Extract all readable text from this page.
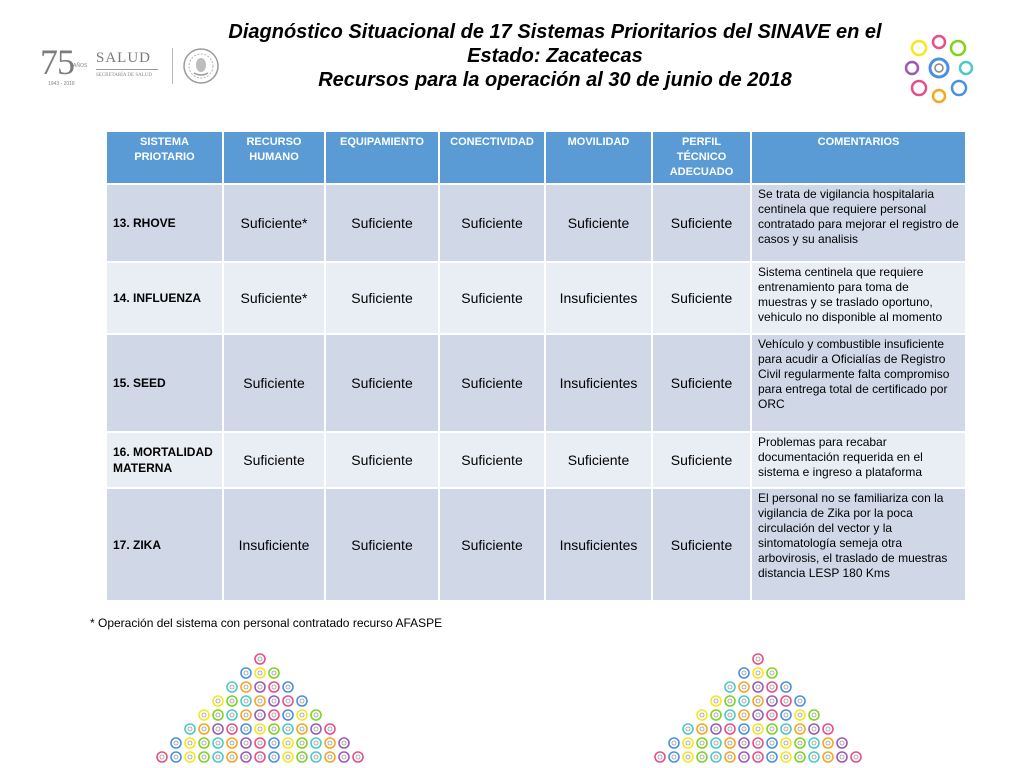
75 AÑOS
1943 - 2018
SALUD
SECRETARÍA DE SALUD
Diagnóstico Situacional de 17 Sistemas Prioritarios del SINAVE en el
Estado: Zacatecas
Recursos para la operación al 30 de junio de 2018
SISTEMA PRIOTARIO	RECURSO HUMANO	EQUIPAMIENTO	CONECTIVIDAD	MOVILIDAD	PERFIL TÉCNICO ADECUADO	COMENTARIOS
13. RHOVE	Suficiente*	Suficiente	Suficiente	Suficiente	Suficiente	Se trata de vigilancia hospitalaria centinela que requiere personal contratado para mejorar el registro de casos y su analisis
14. INFLUENZA	Suficiente*	Suficiente	Suficiente	Insuficientes	Suficiente	Sistema centinela que requiere entrenamiento para toma de muestras y se traslado oportuno, vehiculo no disponible al momento
15. SEED	Suficiente	Suficiente	Suficiente	Insuficientes	Suficiente	Vehículo y combustible insuficiente para acudir a Oficialías de Registro Civil regularmente falta compromiso para entrega total de certificado por ORC
16. MORTALIDAD MATERNA	Suficiente	Suficiente	Suficiente	Suficiente	Suficiente	Problemas para recabar documentación requerida en el sistema e ingreso a plataforma
17. ZIKA	Insuficiente	Suficiente	Suficiente	Insuficientes	Suficiente	El personal no se familiariza con la vigilancia de Zika por la poca circulación del vector y la sintomatología semeja otra arbovirosis, el traslado de muestras distancia LESP 180 Kms
* Operación del sistema con personal contratado recurso AFASPE
